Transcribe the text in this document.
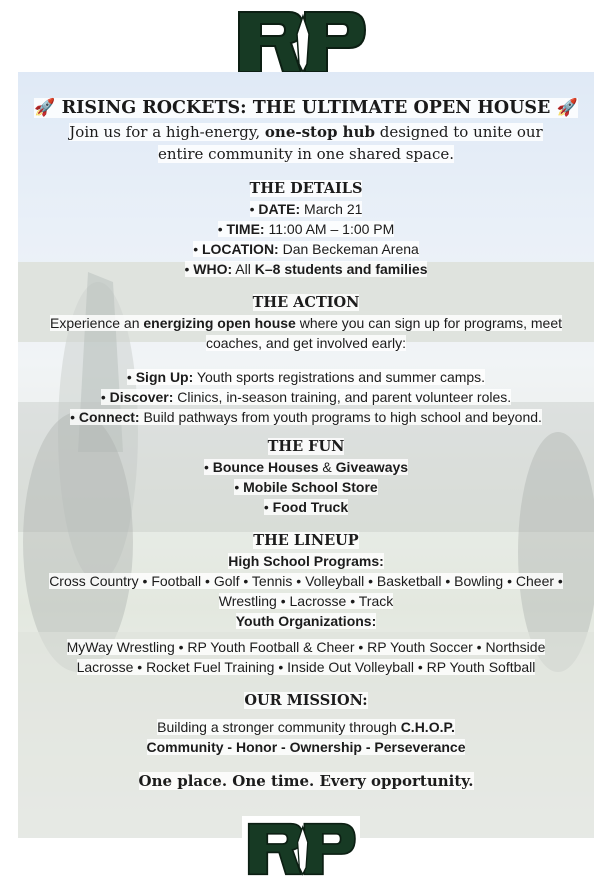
🚀 RISING ROCKETS: THE ULTIMATE OPEN HOUSE 🚀

Join us for a high-energy, one-stop hub designed to unite our entire community in one shared space.

THE DETAILS

• DATE: March 21

• TIME: 11:00 AM – 1:00 PM

• LOCATION: Dan Beckeman Arena

• WHO: All K–8 students and families

THE ACTION

Experience an energizing open house where you can sign up for programs, meet coaches, and get involved early:

• Sign Up: Youth sports registrations and summer camps.

• Discover: Clinics, in-season training, and parent volunteer roles.

• Connect: Build pathways from youth programs to high school and beyond.

THE FUN

• Bounce Houses & Giveaways

• Mobile School Store

• Food Truck

THE LINEUP

High School Programs:

Cross Country • Football • Golf • Tennis • Volleyball • Basketball • Bowling • Cheer •

Wrestling • Lacrosse • Track

Youth Organizations:

MyWay Wrestling • RP Youth Football & Cheer • RP Youth Soccer • Northside

Lacrosse • Rocket Fuel Training • Inside Out Volleyball • RP Youth Softball

OUR MISSION:

Building a stronger community through C.H.O.P.

Community - Honor - Ownership - Perseverance

One place. One time. Every opportunity.
